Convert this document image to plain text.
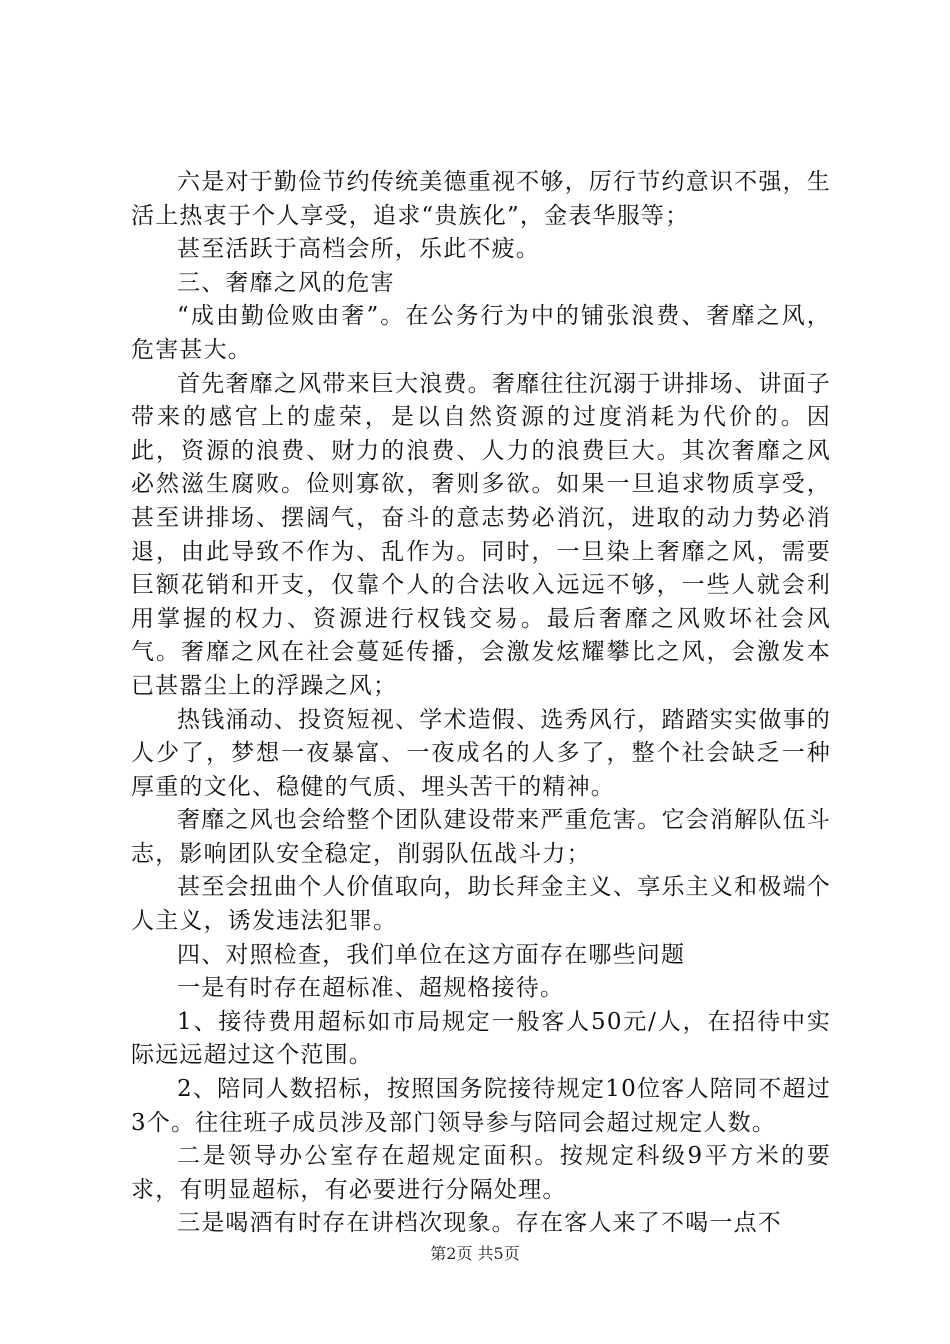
六是对于勤俭节约传统美德重视不够，厉行节约意识不强，生活上热衷于个人享受，追求“贵族化”，金表华服等；

甚至活跃于高档会所，乐此不疲。

三、奢靡之风的危害

“成由勤俭败由奢”。在公务行为中的铺张浪费、奢靡之风，危害甚大。

首先奢靡之风带来巨大浪费。奢靡往往沉溺于讲排场、讲面子带来的感官上的虚荣，是以自然资源的过度消耗为代价的。因此，资源的浪费、财力的浪费、人力的浪费巨大。其次奢靡之风必然滋生腐败。俭则寡欲，奢则多欲。如果一旦追求物质享受，甚至讲排场、摆阔气，奋斗的意志势必消沉，进取的动力势必消退，由此导致不作为、乱作为。同时，一旦染上奢靡之风，需要巨额花销和开支，仅靠个人的合法收入远远不够，一些人就会利用掌握的权力、资源进行权钱交易。最后奢靡之风败坏社会风气。奢靡之风在社会蔓延传播，会激发炫耀攀比之风，会激发本已甚嚣尘上的浮躁之风；

热钱涌动、投资短视、学术造假、选秀风行，踏踏实实做事的人少了，梦想一夜暴富、一夜成名的人多了，整个社会缺乏一种厚重的文化、稳健的气质、埋头苦干的精神。

奢靡之风也会给整个团队建设带来严重危害。它会消解队伍斗志，影响团队安全稳定，削弱队伍战斗力；

甚至会扭曲个人价值取向，助长拜金主义、享乐主义和极端个人主义，诱发违法犯罪。

四、对照检查，我们单位在这方面存在哪些问题

一是有时存在超标准、超规格接待。

1、接待费用超标如市局规定一般客人50元/人，在招待中实际远远超过这个范围。

2、陪同人数招标，按照国务院接待规定10位客人陪同不超过3个。往往班子成员涉及部门领导参与陪同会超过规定人数。

二是领导办公室存在超规定面积。按规定科级9平方米的要求，有明显超标，有必要进行分隔处理。

三是喝酒有时存在讲档次现象。存在客人来了不喝一点不

第2页 共5页
